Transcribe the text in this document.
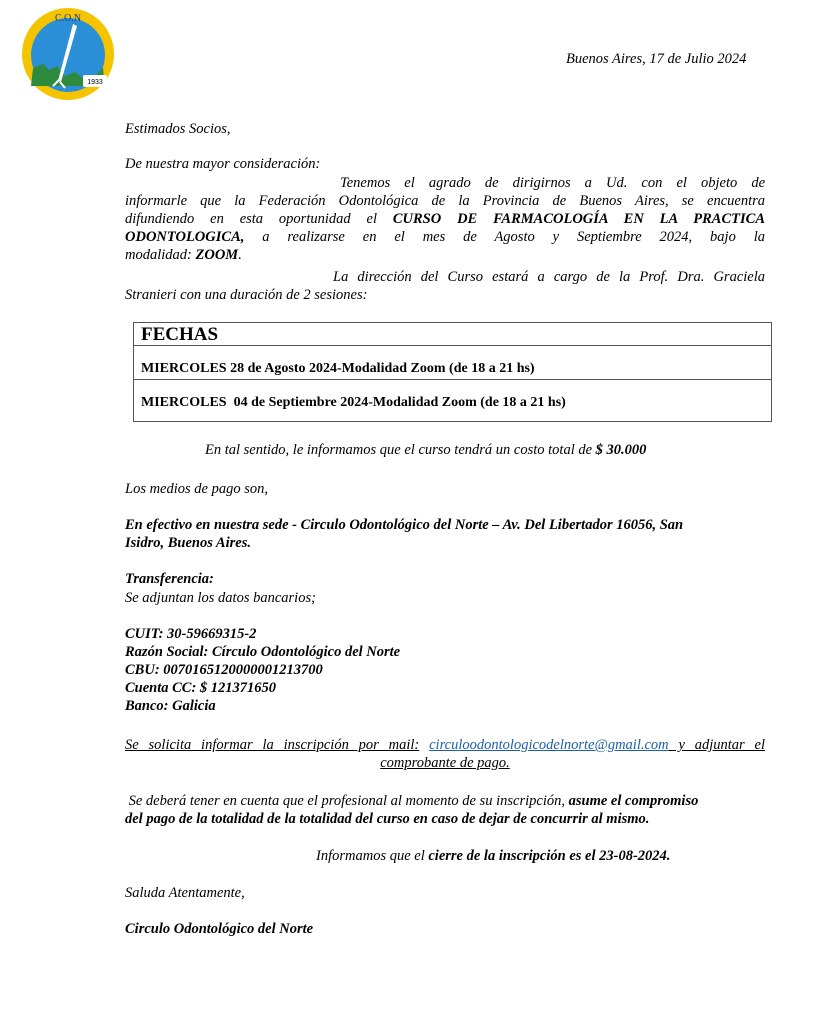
C.O.N
1933
Buenos Aires, 17 de Julio 2024
Estimados Socios,
De nuestra mayor consideración:
Tenemos el agrado de dirigirnos a Ud. con el objeto de
informarle que la Federación Odontológica de la Provincia de Buenos Aires, se encuentra
difundiendo en esta oportunidad el CURSO DE FARMACOLOGÍA EN LA PRACTICA
ODONTOLOGICA, a realizarse en el mes de Agosto y Septiembre 2024, bajo la
modalidad: ZOOM.
La dirección del Curso estará a cargo de la Prof. Dra. Graciela
Stranieri con una duración de 2 sesiones:
FECHAS
MIERCOLES 28 de Agosto 2024-Modalidad Zoom (de 18 a 21 hs)
MIERCOLES  04 de Septiembre 2024-Modalidad Zoom (de 18 a 21 hs)
En tal sentido, le informamos que el curso tendrá un costo total de $ 30.000
Los medios de pago son,
En efectivo en nuestra sede - Circulo Odontológico del Norte – Av. Del Libertador 16056, San
Isidro, Buenos Aires.
Transferencia:
Se adjuntan los datos bancarios;
CUIT: 30-59669315-2
Razón Social: Círculo Odontológico del Norte
CBU: 0070165120000001213700
Cuenta CC: $ 121371650
Banco: Galicia
Se solicita informar la inscripción por mail: circuloodontologicodelnorte@gmail.com y adjuntar el
comprobante de pago.
Se deberá tener en cuenta que el profesional al momento de su inscripción, asume el compromiso
del pago de la totalidad de la totalidad del curso en caso de dejar de concurrir al mismo.
Informamos que el cierre de la inscripción es el 23-08-2024.
Saluda Atentamente,
Circulo Odontológico del Norte
